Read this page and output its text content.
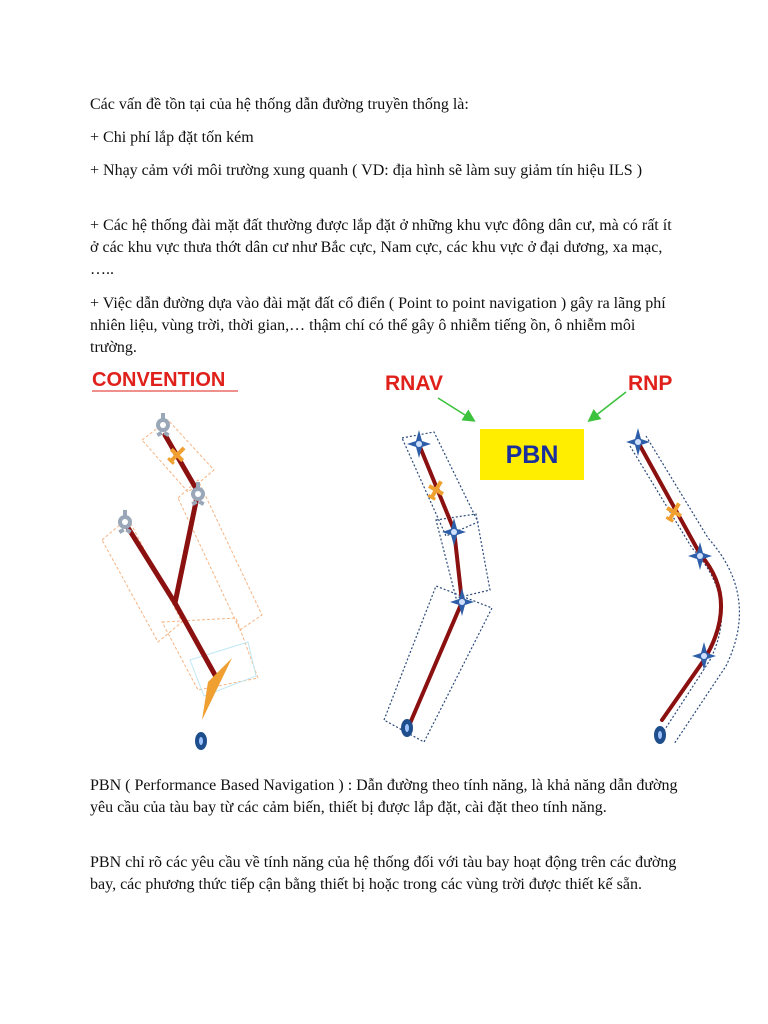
Các vấn đề tồn tại của hệ thống dẫn đường truyền thống là:

+ Chi phí lắp đặt tốn kém

+ Nhạy cảm với môi trường xung quanh ( VD: địa hình sẽ làm suy giảm tín hiệu ILS )

+ Các hệ thống đài mặt đất thường được lắp đặt ở những khu vực đông dân cư, mà có rất ít ở các khu vực thưa thớt dân cư như Bắc cực, Nam cực, các khu vực ở đại dương, xa mạc, …..

+ Việc dẫn đường dựa vào đài mặt đất cổ điển ( Point to point navigation ) gây ra lãng phí nhiên liệu, vùng trời, thời gian,… thậm chí có thể gây ô nhiễm tiếng ồn, ô nhiễm môi trường.

CONVENTION	RNAV	RNP
PBN

PBN ( Performance Based Navigation ) : Dẫn đường theo tính năng, là khả năng dẫn đường yêu cầu của tàu bay từ các cảm biến, thiết bị được lắp đặt, cài đặt theo tính năng.

PBN chỉ rõ các yêu cầu về tính năng của hệ thống đối với tàu bay hoạt động trên các đường bay, các phương thức tiếp cận bằng thiết bị hoặc trong các vùng trời được thiết kế sẵn.
